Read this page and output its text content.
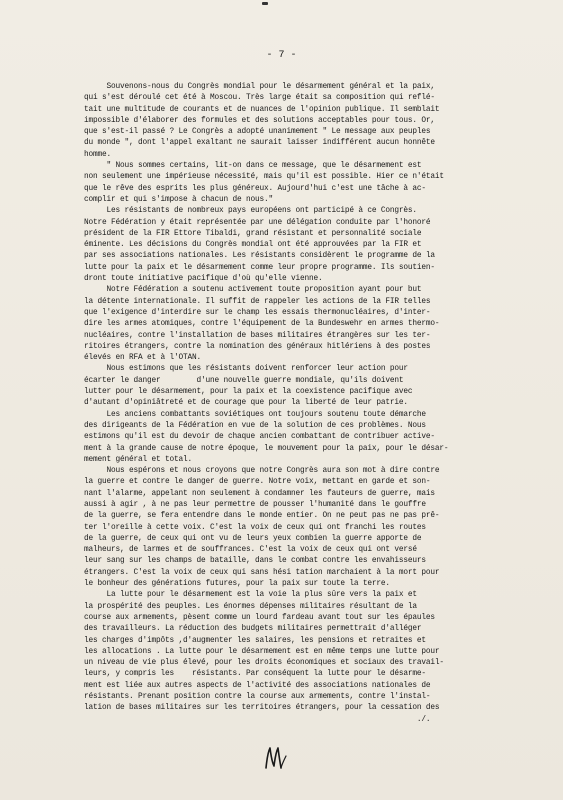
- 7 -
Souvenons-nous du Congrès mondial pour le désarmement général et la paix,
qui s'est déroulé cet été à Moscou. Très large était sa composition qui reflé-
tait une multitude de courants et de nuances de l'opinion publique. Il semblait
impossible d'élaborer des formules et des solutions acceptables pour tous. Or,
que s'est-il passé ? Le Congrès a adopté unanimement " Le message aux peuples
du monde ", dont l'appel exaltant ne saurait laisser indifférent aucun honnête
homme.
" Nous sommes certains, lit-on dans ce message, que le désarmement est
non seulement une impérieuse nécessité, mais qu'il est possible. Hier ce n'était
que le rêve des esprits les plus généreux. Aujourd'hui c'est une tâche à ac-
complir et qui s'impose à chacun de nous."
Les résistants de nombreux pays européens ont participé à ce Congrès.
Notre Fédération y était représentée par une délégation conduite par l'honoré
président de la FIR Ettore Tibaldi, grand résistant et personnalité sociale
éminente. Les décisions du Congrès mondial ont été approuvées par la FIR et
par ses associations nationales. Les résistants considèrent le programme de la
lutte pour la paix et le désarmement comme leur propre programme. Ils soutien-
dront toute initiative pacifique d'où qu'elle vienne.
Notre Fédération a soutenu activement toute proposition ayant pour but
la détente internationale. Il suffit de rappeler les actions de la FIR telles
que l'exigence d'interdire sur le champ les essais thermonucléaires, d'inter-
dire les armes atomiques, contre l'équipement de la Bundeswehr en armes thermo-
nucléaires, contre l'installation de bases militaires étrangères sur les ter-
ritoires étrangers, contre la nomination des généraux hitlériens à des postes
élevés en RFA et à l'OTAN.
Nous estimons que les résistants doivent renforcer leur action pour
écarter le danger        d'une nouvelle guerre mondiale, qu'ils doivent
lutter pour le désarmement, pour la paix et la coexistence pacifique avec
d'autant d'opiniâtreté et de courage que pour la liberté de leur patrie.
Les anciens combattants soviétiques ont toujours soutenu toute démarche
des dirigeants de la Fédération en vue de la solution de ces problèmes. Nous
estimons qu'il est du devoir de chaque ancien combattant de contribuer active-
ment à la grande cause de notre époque, le mouvement pour la paix, pour le désar-
mement général et total.
Nous espérons et nous croyons que notre Congrès aura son mot à dire contre
la guerre et contre le danger de guerre. Notre voix, mettant en garde et son-
nant l'alarme, appelant non seulement à condamner les fauteurs de guerre, mais
aussi à agir , à ne pas leur permettre de pousser l'humanité dans le gouffre
de la guerre, se fera entendre dans le monde entier. On ne peut pas ne pas prê-
ter l'oreille à cette voix. C'est la voix de ceux qui ont franchi les routes
de la guerre, de ceux qui ont vu de leurs yeux combien la guerre apporte de
malheurs, de larmes et de souffrances. C'est la voix de ceux qui ont versé
leur sang sur les champs de bataille, dans le combat contre les envahisseurs
étrangers. C'est la voix de ceux qui sans hési tation marchaient à la mort pour
le bonheur des générations futures, pour la paix sur toute la terre.
La lutte pour le désarmement est la voie la plus sûre vers la paix et
la prospérité des peuples. Les énormes dépenses militaires résultant de la
course aux armements, pèsent comme un lourd fardeau avant tout sur les épaules
des travailleurs. La réduction des budgets militaires permettrait d'alléger
les charges d'impôts ,d'augmenter les salaires, les pensions et retraites et
les allocations . La lutte pour le désarmement est en même temps une lutte pour
un niveau de vie plus élevé, pour les droits économiques et sociaux des travail-
leurs, y compris les    résistants. Par conséquent la lutte pour le désarme-
ment est liée aux autres aspects de l'activité des associations nationales de
résistants. Prenant position contre la course aux armements, contre l'instal-
lation de bases militaires sur les territoires étrangers, pour la cessation des
./.
